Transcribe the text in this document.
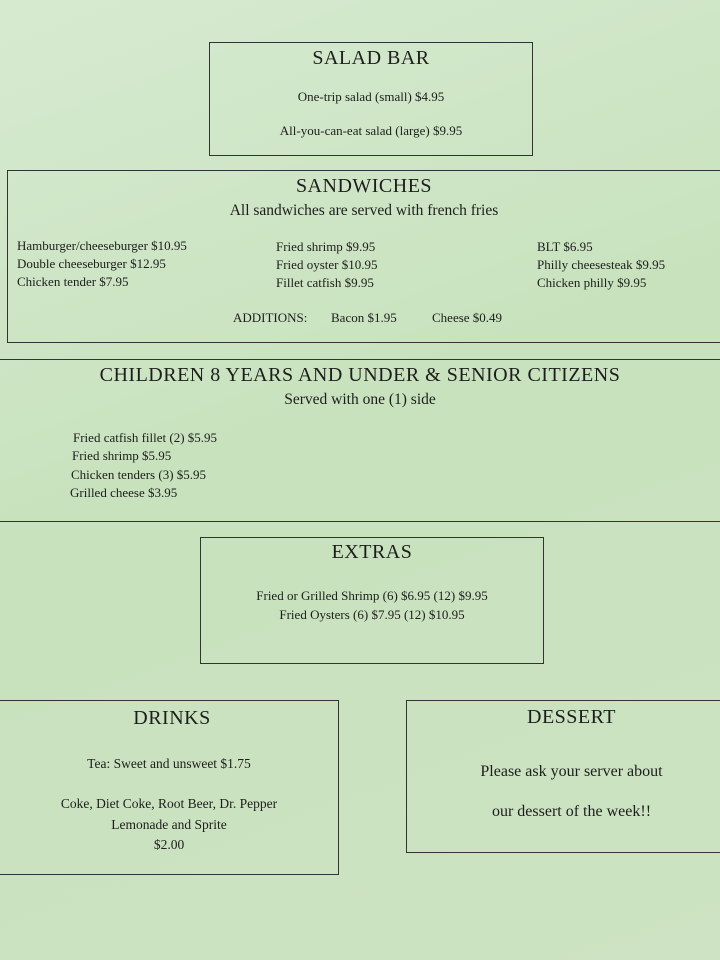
SALAD BAR
One-trip salad (small) $4.95
All-you-can-eat salad (large) $9.95
SANDWICHES
All sandwiches are served with french fries
Hamburger/cheeseburger $10.95
Double cheeseburger $12.95
Chicken tender $7.95
Fried shrimp $9.95
Fried oyster $10.95
Fillet catfish $9.95
BLT $6.95
Philly cheesesteak $9.95
Chicken philly $9.95
ADDITIONS: Bacon $1.95	Cheese $0.49
CHILDREN 8 YEARS AND UNDER & SENIOR CITIZENS
Served with one (1) side
Fried catfish fillet (2) $5.95
Fried shrimp $5.95
Chicken tenders (3) $5.95
Grilled cheese $3.95
EXTRAS
Fried or Grilled Shrimp (6) $6.95 (12) $9.95
Fried Oysters (6) $7.95 (12) $10.95
DRINKS
Tea: Sweet and unsweet $1.75
Coke, Diet Coke, Root Beer, Dr. Pepper
Lemonade and Sprite
$2.00
DESSERT
Please ask your server about
our dessert of the week!!
